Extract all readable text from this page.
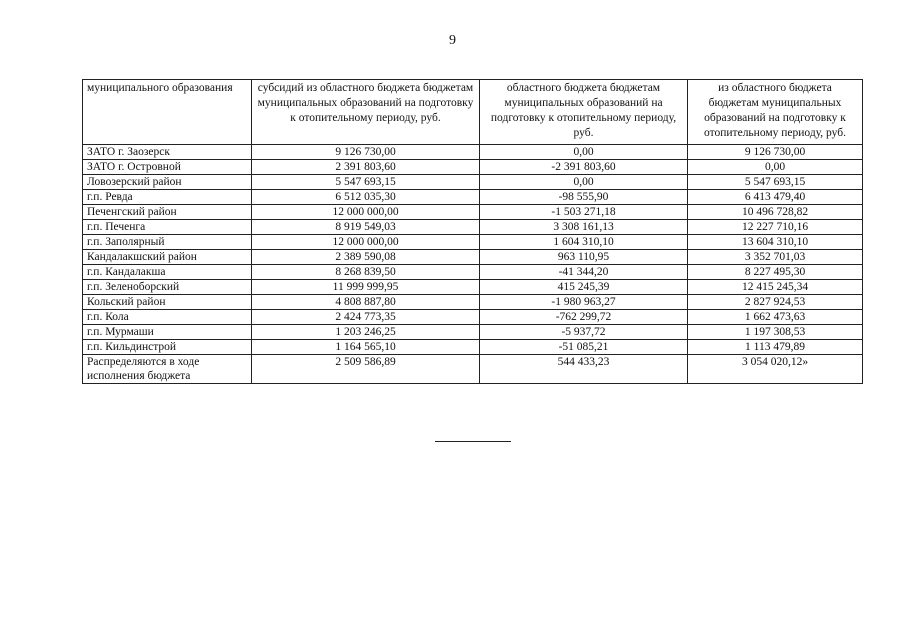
9
муниципального образования	субсидий из областного бюджета бюджетам муниципальных образований на подготовку к отопительному периоду, руб.	областного бюджета бюджетам муниципальных образований на подготовку к отопительному периоду, руб.	из областного бюджета бюджетам муниципальных образований на подготовку к отопительному периоду, руб.
ЗАТО г. Заозерск	9 126 730,00	0,00	9 126 730,00
ЗАТО г. Островной	2 391 803,60	-2 391 803,60	0,00
Ловозерский район	5 547 693,15	0,00	5 547 693,15
г.п. Ревда	6 512 035,30	-98 555,90	6 413 479,40
Печенгский район	12 000 000,00	-1 503 271,18	10 496 728,82
г.п. Печенга	8 919 549,03	3 308 161,13	12 227 710,16
г.п. Заполярный	12 000 000,00	1 604 310,10	13 604 310,10
Кандалакшский район	2 389 590,08	963 110,95	3 352 701,03
г.п. Кандалакша	8 268 839,50	-41 344,20	8 227 495,30
г.п. Зеленоборский	11 999 999,95	415 245,39	12 415 245,34
Кольский район	4 808 887,80	-1 980 963,27	2 827 924,53
г.п. Кола	2 424 773,35	-762 299,72	1 662 473,63
г.п. Мурмаши	1 203 246,25	-5 937,72	1 197 308,53
г.п. Кильдинстрой	1 164 565,10	-51 085,21	1 113 479,89
Распределяются в ходе исполнения бюджета	2 509 586,89	544 433,23	3 054 020,12»
